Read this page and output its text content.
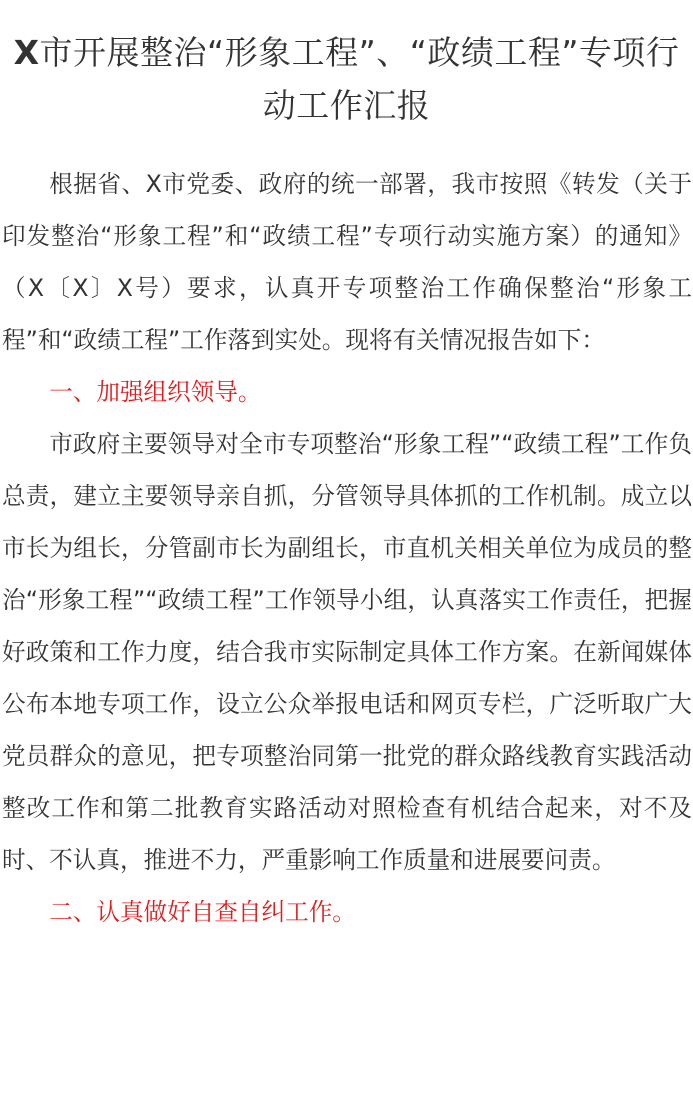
X市开展整治“形象工程”、“政绩工程”专项行动工作汇报

根据省、X市党委、政府的统一部署，我市按照《转发（关于印发整治“形象工程”和“政绩工程”专项行动实施方案）的通知》（X〔X〕X号）要求，认真开专项整治工作确保整治“形象工程”和“政绩工程”工作落到实处。现将有关情况报告如下：

一、加强组织领导。

市政府主要领导对全市专项整治“形象工程”“政绩工程”工作负总责，建立主要领导亲自抓，分管领导具体抓的工作机制。成立以市长为组长，分管副市长为副组长，市直机关相关单位为成员的整治“形象工程”“政绩工程”工作领导小组，认真落实工作责任，把握好政策和工作力度，结合我市实际制定具体工作方案。在新闻媒体公布本地专项工作，设立公众举报电话和网页专栏，广泛听取广大党员群众的意见，把专项整治同第一批党的群众路线教育实践活动整改工作和第二批教育实路活动对照检查有机结合起来，对不及时、不认真，推进不力，严重影响工作质量和进展要问责。

二、认真做好自查自纠工作。
